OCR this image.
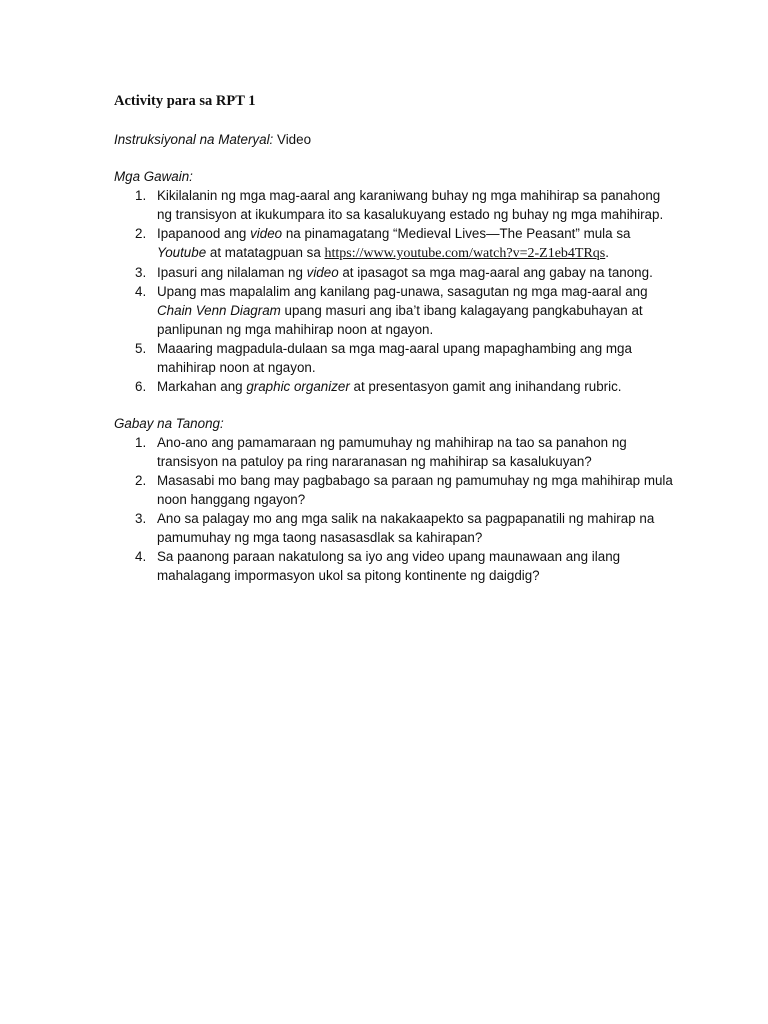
Activity para sa RPT 1
Instruksiyonal na Materyal: Video
Mga Gawain:
1. Kikilalanin ng mga mag-aaral ang karaniwang buhay ng mga mahihirap sa panahong ng transisyon at ikukumpara ito sa kasalukuyang estado ng buhay ng mga mahihirap.
2. Ipapanood ang video na pinamagatang “Medieval Lives—The Peasant” mula sa Youtube at matatagpuan sa https://www.youtube.com/watch?v=2-Z1eb4TRqs.
3. Ipasuri ang nilalaman ng video at ipasagot sa mga mag-aaral ang gabay na tanong.
4. Upang mas mapalalim ang kanilang pag-unawa, sasagutan ng mga mag-aaral ang Chain Venn Diagram upang masuri ang iba’t ibang kalagayang pangkabuhayan at panlipunan ng mga mahihirap noon at ngayon.
5. Maaaring magpadula-dulaan sa mga mag-aaral upang mapaghambing ang mga mahihirap noon at ngayon.
6. Markahan ang graphic organizer at presentasyon gamit ang inihandang rubric.
Gabay na Tanong:
1. Ano-ano ang pamamaraan ng pamumuhay ng mahihirap na tao sa panahon ng transisyon na patuloy pa ring nararanasan ng mahihirap sa kasalukuyan?
2. Masasabi mo bang may pagbabago sa paraan ng pamumuhay ng mga mahihirap mula noon hanggang ngayon?
3. Ano sa palagay mo ang mga salik na nakakaapekto sa pagpapanatili ng mahirap na pamumuhay ng mga taong nasasasdlak sa kahirapan?
4. Sa paanong paraan nakatulong sa iyo ang video upang maunawaan ang ilang mahalagang impormasyon ukol sa pitong kontinente ng daigdig?
